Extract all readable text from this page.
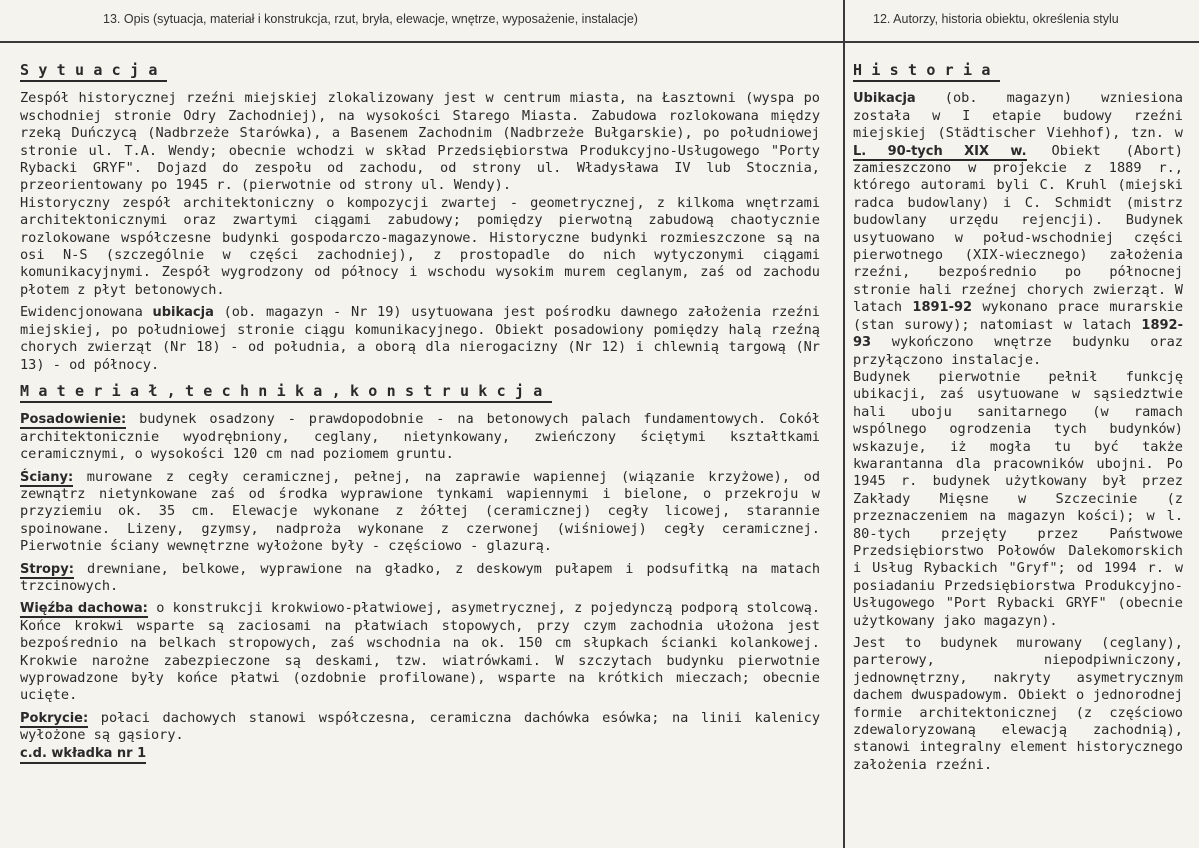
13. Opis (sytuacja, materiał i konstrukcja, rzut, bryła, elewacje, wnętrze, wyposażenie, instalacje)	12. Autorzy, historia obiektu, określenia stylu
Sytuacja

Zespół historycznej rzeźni miejskiej zlokalizowany jest w centrum miasta, na Łasztowni (wyspa po wschodniej stronie Odry Zachodniej), na wysokości Starego Miasta. Zabudowa rozlokowana między rzeką Duńczycą (Nadbrzeże Starówka), a Basenem Zachodnim (Nadbrzeże Bułgarskie), po południowej stronie ul. T.A. Wendy; obecnie wchodzi w skład Przedsiębiorstwa Produkcyjno-Usługowego "Porty Rybacki GRYF". Dojazd do zespołu od zachodu, od strony ul. Władysława IV lub Stocznia, przeorientowany po 1945 r. (pierwotnie od strony ul. Wendy).

Historyczny zespół architektoniczny o kompozycji zwartej - geometrycznej, z kilkoma wnętrzami architektonicznymi oraz zwartymi ciągami zabudowy; pomiędzy pierwotną zabudową chaotycznie rozlokowane współczesne budynki gospodarczo-magazynowe. Historyczne budynki rozmieszczone są na osi N-S (szczególnie w części zachodniej), z prostopadle do nich wytyczonymi ciągami komunikacyjnymi. Zespół wygrodzony od północy i wschodu wysokim murem ceglanym, zaś od zachodu płotem z płyt betonowych.

Ewidencjonowana ubikacja (ob. magazyn - Nr 19) usytuowana jest pośrodku dawnego założenia rzeźni miejskiej, po południowej stronie ciągu komunikacyjnego. Obiekt posadowiony pomiędzy halą rzeźną chorych zwierząt (Nr 18) - od południa, a oborą dla nierogacizny (Nr 12) i chlewnią targową (Nr 13) - od północy.

Materiał,technika,konstrukcja

Posadowienie: budynek osadzony - prawdopodobnie - na betonowych palach fundamentowych. Cokół architektonicznie wyodrębniony, ceglany, nietynkowany, zwieńczony ściętymi kształtkami ceramicznymi, o wysokości 120 cm nad poziomem gruntu.

Ściany: murowane z cegły ceramicznej, pełnej, na zaprawie wapiennej (wiązanie krzyżowe), od zewnątrz nietynkowane zaś od środka wyprawione tynkami wapiennymi i bielone, o przekroju w przyziemiu ok. 35 cm. Elewacje wykonane z żółtej (ceramicznej) cegły licowej, starannie spoinowane. Lizeny, gzymsy, nadproża wykonane z czerwonej (wiśniowej) cegły ceramicznej. Pierwotnie ściany wewnętrzne wyłożone były - częściowo - glazurą.

Stropy: drewniane, belkowe, wyprawione na gładko, z deskowym pułapem i podsufitką na matach trzcinowych.

Więźba dachowa: o konstrukcji krokwiowo-płatwiowej, asymetrycznej, z pojedynczą podporą stolcową. Końce krokwi wsparte są zaciosami na płatwiach stopowych, przy czym zachodnia ułożona jest bezpośrednio na belkach stropowych, zaś wschodnia na ok. 150 cm słupkach ścianki kolankowej. Krokwie narożne zabezpieczone są deskami, tzw. wiatrówkami. W szczytach budynku pierwotnie wyprowadzone były końce płatwi (ozdobnie profilowane), wsparte na krótkich mieczach; obecnie ucięte.

Pokrycie: połaci dachowych stanowi współczesna, ceramiczna dachówka esówka; na linii kalenicy wyłożone są gąsiory.

c.d. wkładka nr 1
Historia

Ubikacja (ob. magazyn) wzniesiona została w I etapie budowy rzeźni miejskiej (Städtischer Viehhof), tzn. w L. 90-tych XIX w. Obiekt (Abort) zamieszczono w projekcie z 1889 r., którego autorami byli C. Kruhl (miejski radca budowlany) i C. Schmidt (mistrz budowlany urzędu rejencji). Budynek usytuowano w połud-wschodniej części pierwotnego (XIX-wiecznego) założenia rzeźni, bezpośrednio po północnej stronie hali rzeźnej chorych zwierząt. W latach 1891-92 wykonano prace murarskie (stan surowy); natomiast w latach 1892-93 wykończono wnętrze budynku oraz przyłączono instalacje.

Budynek pierwotnie pełnił funkcję ubikacji, zaś usytuowane w sąsiedztwie hali uboju sanitarnego (w ramach wspólnego ogrodzenia tych budynków) wskazuje, iż mogła tu być także kwarantanna dla pracowników ubojni. Po 1945 r. budynek użytkowany był przez Zakłady Mięsne w Szczecinie (z przeznaczeniem na magazyn kości); w l. 80-tych przejęty przez Państwowe Przedsiębiorstwo Połowów Dalekomorskich i Usług Rybackich "Gryf"; od 1994 r. w posiadaniu Przedsiębiorstwa Produkcyjno-Usługowego "Port Rybacki GRYF" (obecnie użytkowany jako magazyn).

Jest to budynek murowany (ceglany), parterowy, niepodpiwniczony, jednownętrzny, nakryty asymetrycznym dachem dwuspadowym. Obiekt o jednorodnej formie architektonicznej (z częściowo zdewaloryzowaną elewacją zachodnią), stanowi integralny element historycznego założenia rzeźni.
